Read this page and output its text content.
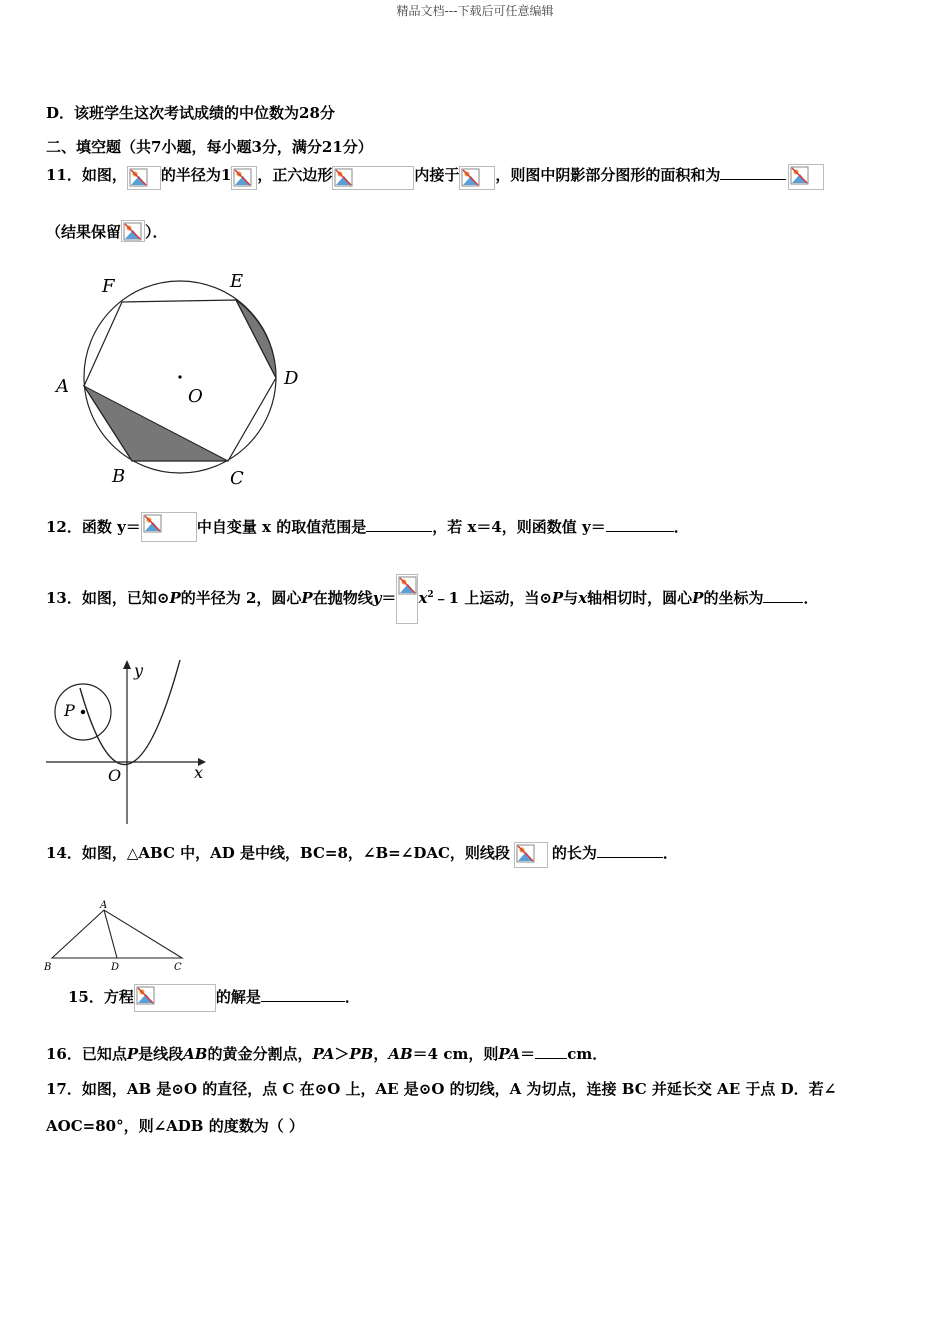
精品文档---下载后可任意编辑
D．该班学生这次考试成绩的中位数为28分
二、填空题（共7小题，每小题3分，满分21分）
11．如图， 的半径为1 ，正六边形	内接于 ，则图中阴影部分图形的面积和为
（结果保留 ）．
F	E
A	D
O
B	C
12．函数 y＝	中自变量 x 的取值范围是	，若 x＝4，则函数值 y＝	．
13．如图，已知⊙P的半径为 2，圆心P在抛物线$y= x^2﹣1$ 上运动，当⊙P与x轴相切时，圆心P的坐标为	．
y
x
O
P
14．如图，△ABC 中，AD 是中线，BC=8，∠B=∠DAC，则线段	的长为	．
A
B	D	C
15．方程	的解是	．
16．已知点P是线段AB的黄金分割点，PA＞PB，AB＝4 cm，则PA＝ cm．
17．如图，AB 是⊙O 的直径，点 C 在⊙O 上，AE 是⊙O 的切线，A 为切点，连接 BC 并延长交 AE 于点 D．若∠
AOC=80°，则∠ADB 的度数为（ ）
